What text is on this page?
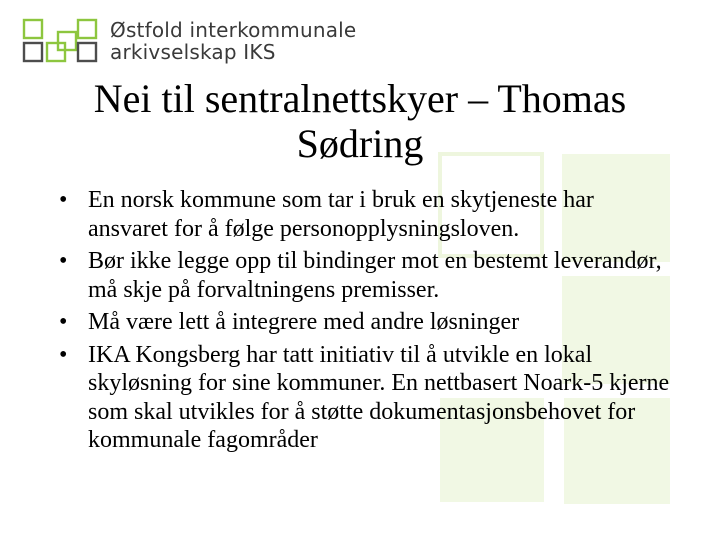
Østfold interkommunale
arkivselskap IKS
Nei til sentralnettskyer – Thomas Sødring
• En norsk kommune som tar i bruk en skytjeneste har ansvaret for å følge personopplysningsloven.
• Bør ikke legge opp til bindinger mot en bestemt leverandør, må skje på forvaltningens premisser.
• Må være lett å integrere med andre løsninger
• IKA Kongsberg har tatt initiativ til å utvikle en lokal skyløsning for sine kommuner. En nettbasert Noark-5 kjerne som skal utvikles for å støtte dokumentasjonsbehovet for kommunale fagområder
